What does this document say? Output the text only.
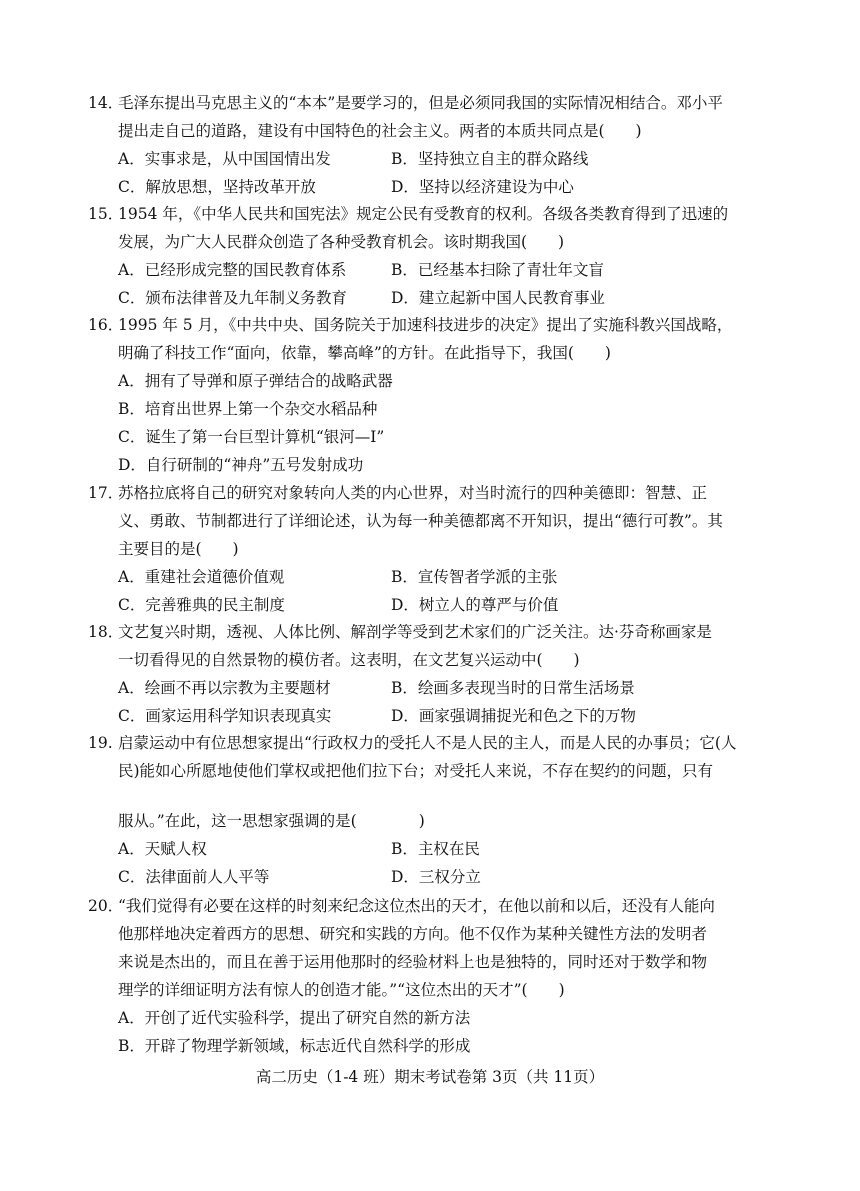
14．
毛泽东提出马克思主义的“本本”是要学习的，但是必须同我国的实际情况相结合。邓小平
提出走自己的道路，建设有中国特色的社会主义。两者的本质共同点是(　　)
A．实事求是，从中国国情出发	B．坚持独立自主的群众路线
C．解放思想，坚持改革开放	D．坚持以经济建设为中心
15．
1954 年，《中华人民共和国宪法》规定公民有受教育的权利。各级各类教育得到了迅速的
发展，为广大人民群众创造了各种受教育机会。该时期我国(　　)
A．已经形成完整的国民教育体系	B．已经基本扫除了青壮年文盲
C．颁布法律普及九年制义务教育	D．建立起新中国人民教育事业
16．
1995 年 5 月，《中共中央、国务院关于加速科技进步的决定》提出了实施科教兴国战略，
明确了科技工作“面向，依靠，攀高峰”的方针。在此指导下，我国(　　)
A．拥有了导弹和原子弹结合的战略武器
B．培育出世界上第一个杂交水稻品种
C．诞生了第一台巨型计算机“银河—I”
D．自行研制的“神舟”五号发射成功
17．
苏格拉底将自己的研究对象转向人类的内心世界，对当时流行的四种美德即：智慧、正
义、勇敢、节制都进行了详细论述，认为每一种美德都离不开知识，提出“德行可教”。其
主要目的是(　　)
A．重建社会道德价值观	B．宣传智者学派的主张
C．完善雅典的民主制度	D．树立人的尊严与价值
18．
文艺复兴时期，透视、人体比例、解剖学等受到艺术家们的广泛关注。达·芬奇称画家是
一切看得见的自然景物的模仿者。这表明，在文艺复兴运动中(　　)
A．绘画不再以宗教为主要题材	B．绘画多表现当时的日常生活场景
C．画家运用科学知识表现真实	D．画家强调捕捉光和色之下的万物
19. 启蒙运动中有位思想家提出“行政权力的受托人不是人民的主人，而是人民的办事员；它(人
民)能如心所愿地使他们掌权或把他们拉下台；对受托人来说，不存在契约的问题，只有
服从。”在此，这一思想家强调的是(　　　　)
A．天赋人权	B．主权在民
C．法律面前人人平等	D．三权分立
20．
“我们觉得有必要在这样的时刻来纪念这位杰出的天才，在他以前和以后，还没有人能向
他那样地决定着西方的思想、研究和实践的方向。他不仅作为某种关键性方法的发明者
来说是杰出的，而且在善于运用他那时的经验材料上也是独特的，同时还对于数学和物
理学的详细证明方法有惊人的创造才能。”“这位杰出的天才”(　　)
A．开创了近代实验科学，提出了研究自然的新方法
B．开辟了物理学新领域，标志近代自然科学的形成
高二历史（1-4 班）期末考试卷第 3页（共 11页）
